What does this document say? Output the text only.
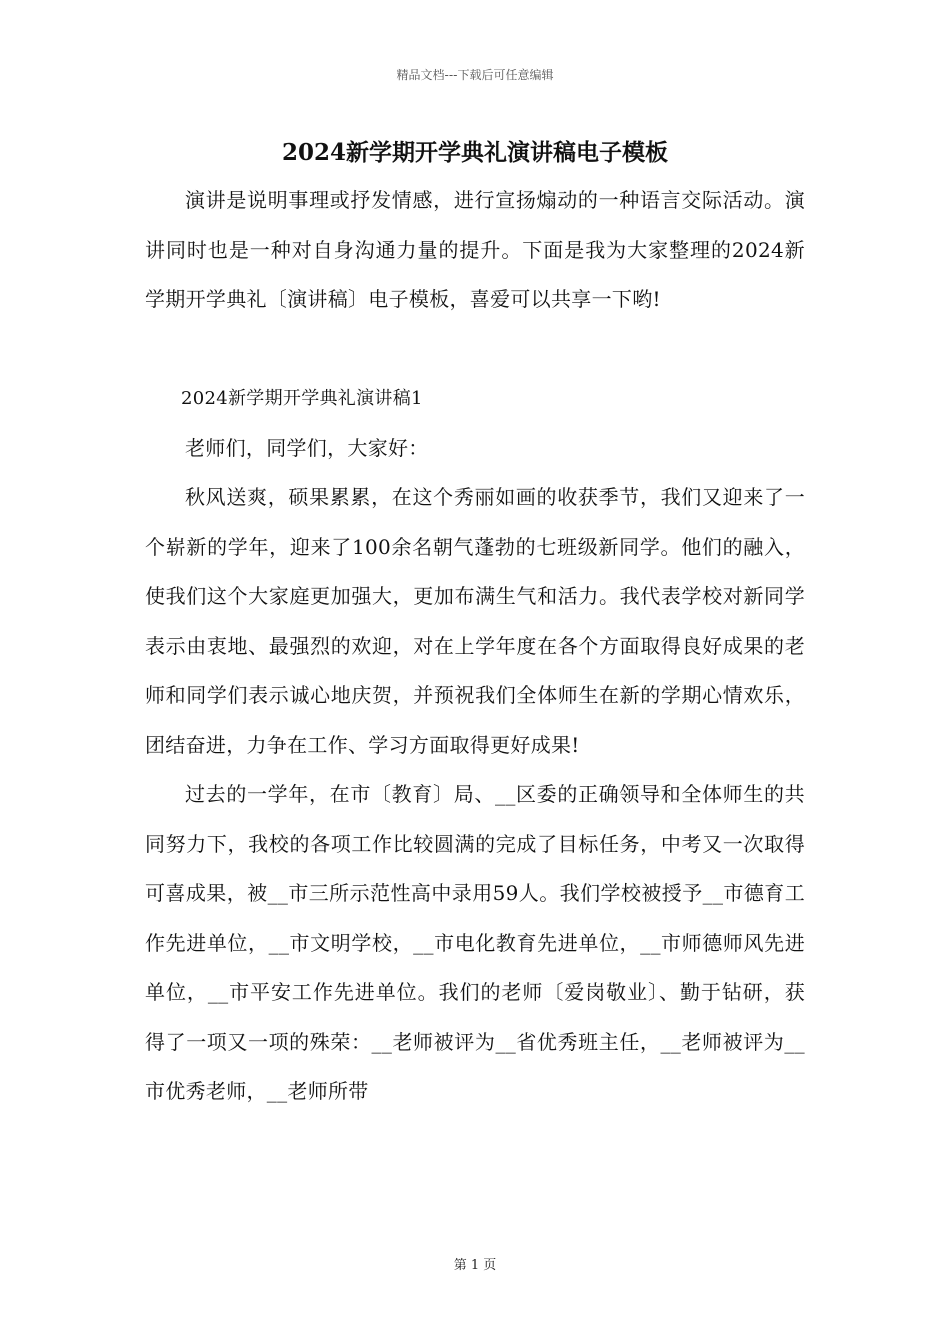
精品文档---下载后可任意编辑
2024新学期开学典礼演讲稿电子模板

演讲是说明事理或抒发情感，进行宣扬煽动的一种语言交际活动。演讲同时也是一种对自身沟通力量的提升。下面是我为大家整理的2024新学期开学典礼〔演讲稿〕电子模板，喜爱可以共享一下哟!

2024新学期开学典礼演讲稿1

老师们，同学们，大家好：

秋风送爽，硕果累累，在这个秀丽如画的收获季节，我们又迎来了一个崭新的学年，迎来了100余名朝气蓬勃的七班级新同学。他们的融入，使我们这个大家庭更加强大，更加布满生气和活力。我代表学校对新同学表示由衷地、最强烈的欢迎，对在上学年度在各个方面取得良好成果的老师和同学们表示诚心地庆贺，并预祝我们全体师生在新的学期心情欢乐，团结奋进，力争在工作、学习方面取得更好成果!

过去的一学年，在市〔教育〕局、__区委的正确领导和全体师生的共同努力下，我校的各项工作比较圆满的完成了目标任务，中考又一次取得可喜成果，被__市三所示范性高中录用59人。我们学校被授予__市德育工作先进单位，__市文明学校，__市电化教育先进单位，__市师德师风先进单位，__市平安工作先进单位。我们的老师〔爱岗敬业〕、勤于钻研，获得了一项又一项的殊荣：__老师被评为__省优秀班主任，__老师被评为__市优秀老师，__老师所带

第 1 页
